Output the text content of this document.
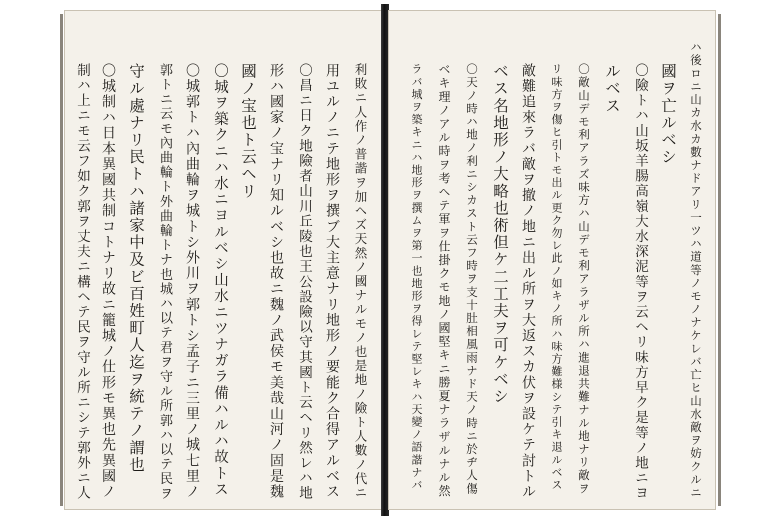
利敗ニ人作ノ普諧ヲ加ヘズ天然ノ國ナルモノ也是地ノ險ト人數ノ代ニ
用ユルノニテ地形ヲ撰ブ大主意ナリ地形ノ要能ク合得アルベス
〇昌ニ日ク地險者山川丘陵也王公設險以守其國ト云ヘリ然レハ地
形ハ國家ノ宝ナリ知ルベシ也故ニ魏ノ武侯モ美哉山河ノ固是魏
國ノ宝也ト云ヘリ
〇城ヲ築クニハ水ニヨルベシ山水ニツナガラ備ハルハ故トス
〇城郭トハ內曲輪ヲ城トシ外川ヲ郭トシ孟子ニ三里ノ城七里ノ
郭トニ云モ內曲輪ト外曲輪トナ也城ハ以テ君ヲ守ル所郭ハ以テ民ヲ
守ル處ナリ民トハ諸家中及ビ百姓町人迄ヲ統テノ謂也
〇城制ハ日本異國共制コトナリ故ニ籠城ノ仕形モ異也先異國ノ
制ハ上ニモ云フ如ク郭ヲ丈夫ニ構ヘテ民ヲ守ル所ニシテ郭外ニ人	ハ後ロニ山カ水カ數ナドアリ一ツハ道等ノモノナケレバ亡ヒ山水敵ヲ妨クルニ
國ヲ亡ルベシ
〇險トハ山坂羊腸高嶺大水深泥等ヲ云ヘリ味方早ク是等ノ地ニヨ
ルベス
〇敵山デモ利アラズ味方ハ山デモ利アラザル所ハ進退共難ナル地ナリ敵ヲ
リ味方ヲ傷ヒ引トモ出ル更ク勿レ此ノ如キノ所ハ味方難様シテ引キ退ルベス
敵難追來ラバ敵ヲ撤ノ地ニ出ル所ヲ大返スカ伏ヲ設ケテ討トル
ベス名地形ノ大略也術但ケ二工夫ヲ可ケベシ
〇天ノ時ハ地ノ利ニシカスト云フ時ヲ支十肚相風雨ナド天ノ時ニ於ヂ人傷
ベキ理ノアル時ヲ考ヘテ軍ヲ仕掛クモ地ノ國堅キニ勝夏ナラザルナル然
ラバ城ヲ築キニハ地形ヲ撰ムヲ第一也地形ヲ得レテ堅レキハ天變ノ語諧ナバ
